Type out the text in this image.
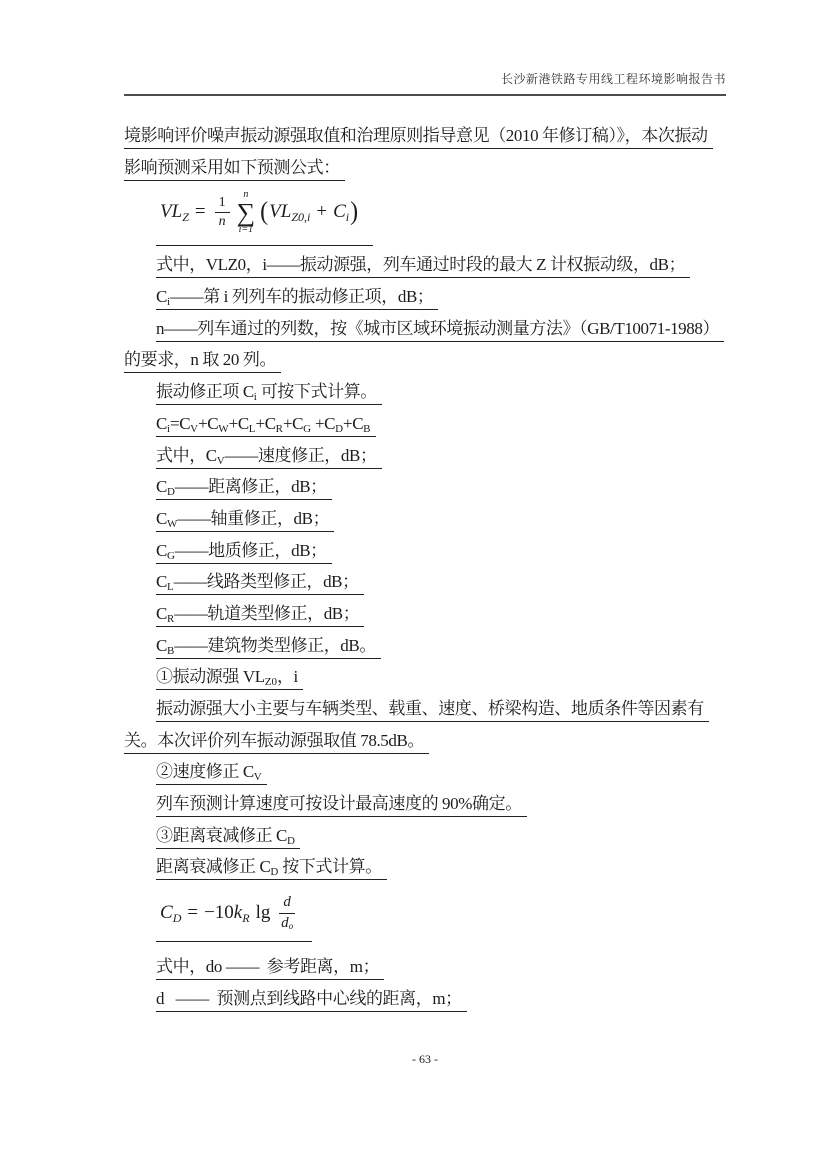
长沙新港铁路专用线工程环境影响报告书
境影响评价噪声振动源强取值和治理原则指导意见（2010 年修订稿）》，本次振动
影响预测采用如下预测公式：
$VL_Z = \frac{1}{n}$
n
∑
i=1
( $VL_{Z0,i} + C_i$ )
式中，VLZ0，i——振动源强，列车通过时段的最大 Z 计权振动级，dB；
$C_i——$第 i 列列车的振动修正项，dB；
n——列车通过的列数，按《城市区域环境振动测量方法》（GB/T10071-1988）
的要求，n 取 20 列。
振动修正项 $C_i$ 可按下式计算。
$C_i=C_V+C_W+C_L+C_R+C_G +C_D+C_B$
式中，$C_V——$速度修正，dB；
$C_D——$距离修正，dB；
$C_W——$轴重修正，dB；
$C_G——$地质修正，dB；
$C_L——$线路类型修正，dB；
$C_R——$轨道类型修正，dB；
$C_B——$建筑物类型修正，dB。
①振动源强 $VL_{Z0}$，i
振动源强大小主要与车辆类型、载重、速度、桥梁构造、地质条件等因素有
关。本次评价列车振动源强取值 78.5dB。
②速度修正 $C_V$
列车预测计算速度可按设计最高速度的 90%确定。
③距离衰减修正 $C_D$
距离衰减修正 $C_D$ 按下式计算。
$C_D = -10$ $k_R$ $\lg \frac{d}{d_o}$
式中，do ——  参考距离，m；
d   ——  预测点到线路中心线的距离，m；
- 63 -
